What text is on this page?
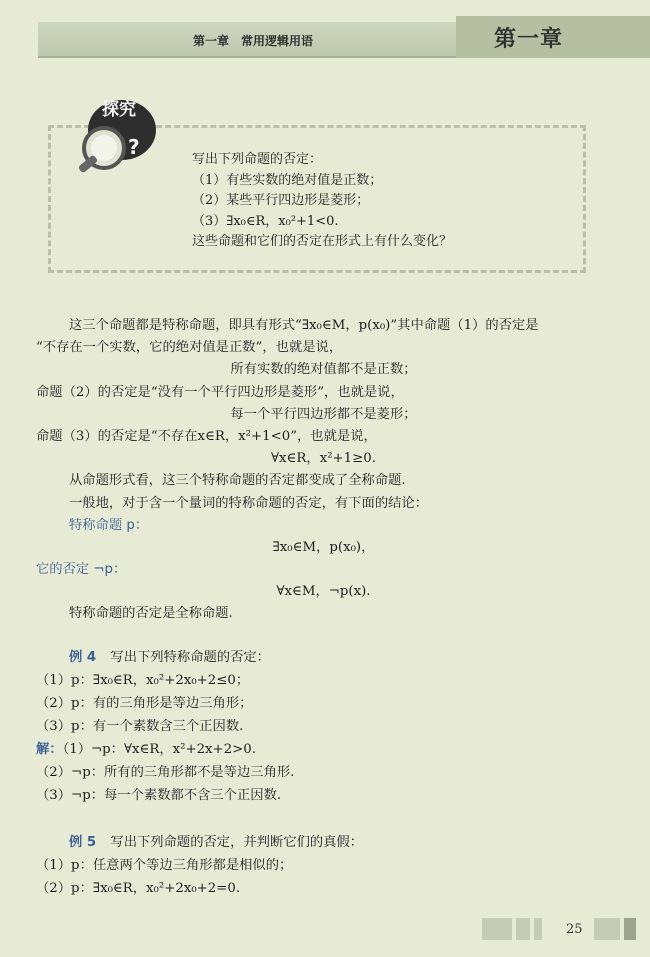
第一章　常用逻辑用语	第一章
探究
?
写出下列命题的否定：
（1）有些实数的绝对值是正数；
（2）某些平行四边形是菱形；
（3）∃x₀∈R，x₀²+1<0.
这些命题和它们的否定在形式上有什么变化？
这三个命题都是特称命题，即具有形式“∃x₀∈M，p(x₀)”其中命题（1）的否定是
“不存在一个实数，它的绝对值是正数”，也就是说，
所有实数的绝对值都不是正数；
命题（2）的否定是“没有一个平行四边形是菱形”，也就是说，
每一个平行四边形都不是菱形；
命题（3）的否定是“不存在x∈R，x²+1<0”，也就是说，
∀x∈R，x²+1≥0.
从命题形式看，这三个特称命题的否定都变成了全称命题.
一般地，对于含一个量词的特称命题的否定，有下面的结论：
特称命题 p：
∃x₀∈M，p(x₀)，
它的否定 ¬p：
∀x∈M，¬p(x).
特称命题的否定是全称命题.
例 4 写出下列特称命题的否定：
（1）p：∃x₀∈R，x₀²+2x₀+2≤0；
（2）p：有的三角形是等边三角形；
（3）p：有一个素数含三个正因数.
解：（1）¬p：∀x∈R，x²+2x+2>0.
（2）¬p：所有的三角形都不是等边三角形.
（3）¬p：每一个素数都不含三个正因数.
例 5 写出下列命题的否定，并判断它们的真假：
（1）p：任意两个等边三角形都是相似的；
（2）p：∃x₀∈R，x₀²+2x₀+2=0.
25
